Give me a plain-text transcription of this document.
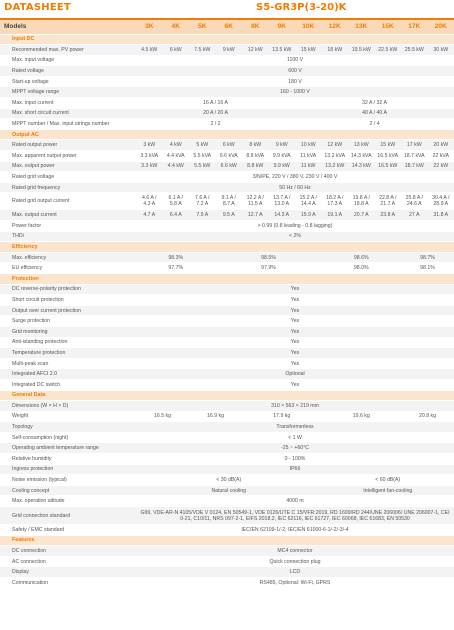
DATASHEET	S5-GR3P(3-20)K
Models	3K	4K	5K	6K	8K	9K	10K	12K	13K	15K	17K	20K
Input DC												
Recommended max. PV power	4.5 kW	6 kW	7.5 kW	9 kW	12 kW	13.5 kW	15 kW	18 kW	19.5 kW	22.5 kW	25.5 kW	30 kW
Max. input voltage	1100 V											
Rated voltage	600 V											
Start-up voltage	180 V											
MPPT voltage range	160 - 1000 V											
Max. input current	16 A / 16 A						32 A / 32 A					
Max. short circuit current	20 A / 20 A						40 A / 40 A					
MPPT number / Max. input strings number	2 / 2						2 / 4					
Output AC												
Rated output power	3 kW	4 kW	5 kW	6 kW	8 kW	9 kW	10 kW	12 kW	13 kW	15 kW	17 kW	20 kW
Max. apparent output power	3.3 kVA	4.4 kVA	5.5 kVA	6.6 kVA	8.8 kVA	9.9 kVA	11 kVA	13.2 kVA	14.3 kVA	16.5 kVA	18.7 kVA	22 kVA
Max. output power	3.3 kW	4.4 kW	5.5 kW	6.6 kW	8.8 kW	9.9 kW	11 kW	13.2 kW	14.3 kW	16.5 kW	18.7 kW	22 kW
Rated grid voltage	3/N/PE, 220 V / 380 V, 230 V / 400 V											
Rated grid frequency	50 Hz / 60 Hz											
Rated grid output current	4.6 A / 4.3 A	6.1 A / 5.8 A	7.6 A / 7.2 A	9.1 A / 8.7 A	12.2 A / 11.5 A	13.7 A / 13.0 A	15.2 A / 14.4 A	18.2 A / 17.3 A	19.8 A / 18.8 A	22.8 A / 21.7 A	25.8 A / 24.6 A	30.4 A / 28.9 A
Max. output current	4.7 A	6.4 A	7.9 A	9.5 A	12.7 A	14.3 A	15.9 A	19.1 A	20.7 A	23.8 A	27 A	31.8 A
Power factor	> 0.99 (0.8 leading - 0.8 lagging)											
THDi	< 2%											
Efficiency												
Max. efficiency	98.3%			98.5%				98.6%			98.7%	
EU efficiency	97.7%			97.9%				98.0%			98.1%	
Protection												
DC reverse-polarity protection	Yes											
Short circuit protection	Yes											
Output over current protection	Yes											
Surge protection	Yes											
Grid monitoring	Yes											
Anti-islanding protection	Yes											
Temperature protection	Yes											
Multi-peak scan	Yes											
Integrated AFCI 2.0	Optional											
Integrated DC switch	Yes											
General Data												
Dimensions (W × H × D)	310 × 563 × 219 mm											
Weight	16.5 kg		16.9 kg		17.9 kg			19.6 kg			20.8 kg	
Topology	Transformerless											
Self-consumption (night)	< 1 W											
Operating ambient temperature range	-25 ~ +60°C											
Relative humidity	0 - 100%											
Ingress protection	IP66											
Noise emission (typical)	< 30 dB(A)							< 60 dB(A)				
Cooling concept	Natural cooling							Intelligent fan-cooling				
Max. operation altitude	4000 m											
Grid connection standard	G99, VDE-AR-N 4105/VDE V 0124, EN 50549-1, VDE 0126/UTE C 15/VFR:2019, RD 1699/RD 244/UNE 206006/ UNE 206007-1, CEI 0-21, C10/11, NRS 097-2-1, EIFS 2018.2, IEC 62116, IEC 61727, IEC 60068, IEC 61683, EN 50530											
Safety / EMC standard	IEC/EN 62109-1/-2, IEC/EN 61000-6-1/-2/-3/-4											
Features												
DC connection	MC4 connector											
AC connection	Quick connection plug											
Display	LCD											
Communication	RS485, Optional: Wi-Fi, GPRS											
